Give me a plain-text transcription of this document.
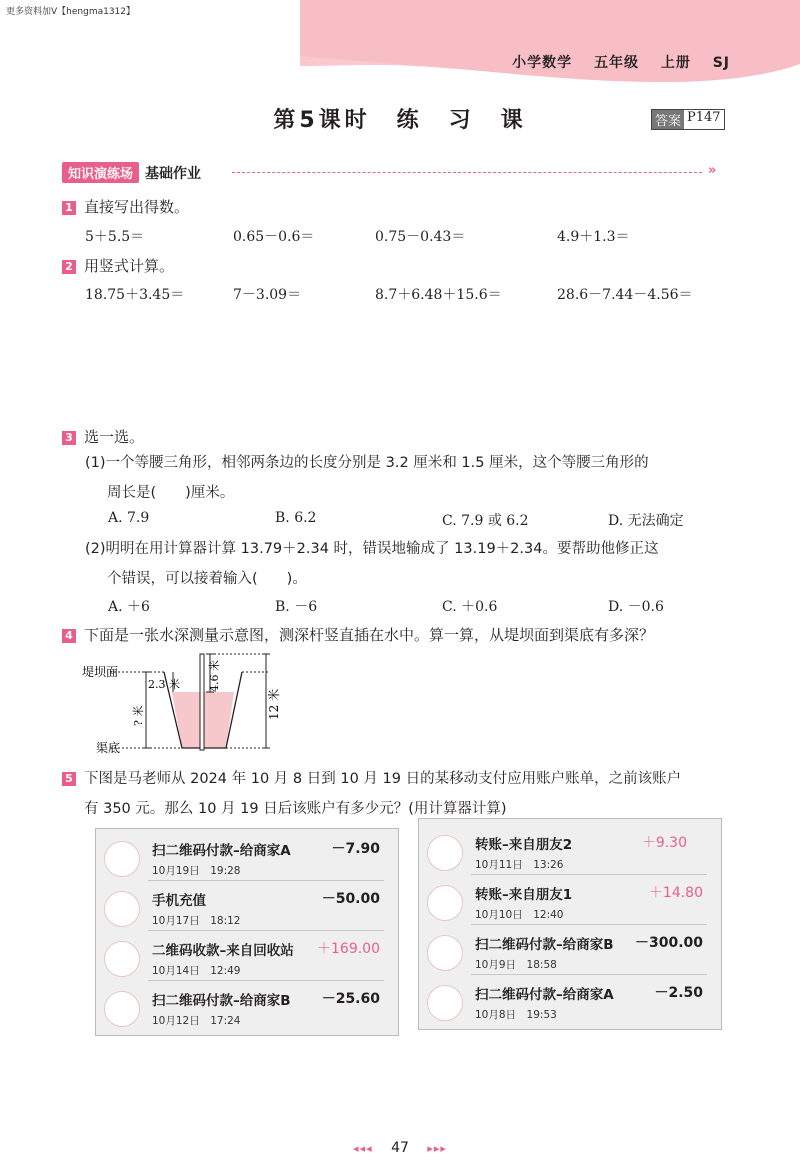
更多资料加V【hengma1312】
小学数学 五年级 上册 SJ
第5课时　练　习　课	答案 P147
知识演练场 基础作业	»
1 直接写出得数。
5＋5.5＝	0.65－0.6＝	0.75－0.43＝	4.9＋1.3＝
2 用竖式计算。
18.75＋3.45＝	7－3.09＝	8.7＋6.48＋15.6＝	28.6－7.44－4.56＝
3 选一选。
(1)一个等腰三角形，相邻两条边的长度分别是 3.2 厘米和 1.5 厘米，这个等腰三角形的
周长是(　　)厘米。
A. 7.9	B. 6.2	C. 7.9 或 6.2	D. 无法确定
(2)明明在用计算器计算 13.79＋2.34 时，错误地输成了 13.19＋2.34。要帮助他修正这
个错误，可以接着输入(　　)。
A. ＋6	B. －6	C. ＋0.6	D. －0.6
4 下面是一张水深测量示意图，测深杆竖直插在水中。算一算，从堤坝面到渠底有多深？
堤坝面
渠底
2.3 米	4.6 米
? 米	12 米
5 下图是马老师从 2024 年 10 月 8 日到 10 月 19 日的某移动支付应用账户账单，之前该账户
有 350 元。那么 10 月 19 日后该账户有多少元？(用计算器计算)
扫二维码付款–给商家A
10月19日　19:28
－7.90
手机充值
10月17日　18:12
－50.00
二维码收款–来自回收站
10月14日　12:49
＋169.00
扫二维码付款–给商家B
10月12日　17:24
－25.60
转账–来自朋友2
10月11日　13:26
＋9.30
转账–来自朋友1
10月10日　12:40
＋14.80
扫二维码付款–给商家B
10月9日　18:58
－300.00
扫二维码付款–给商家A
10月8日　19:53
－2.50
◂◂◂ 47 ▸▸▸
